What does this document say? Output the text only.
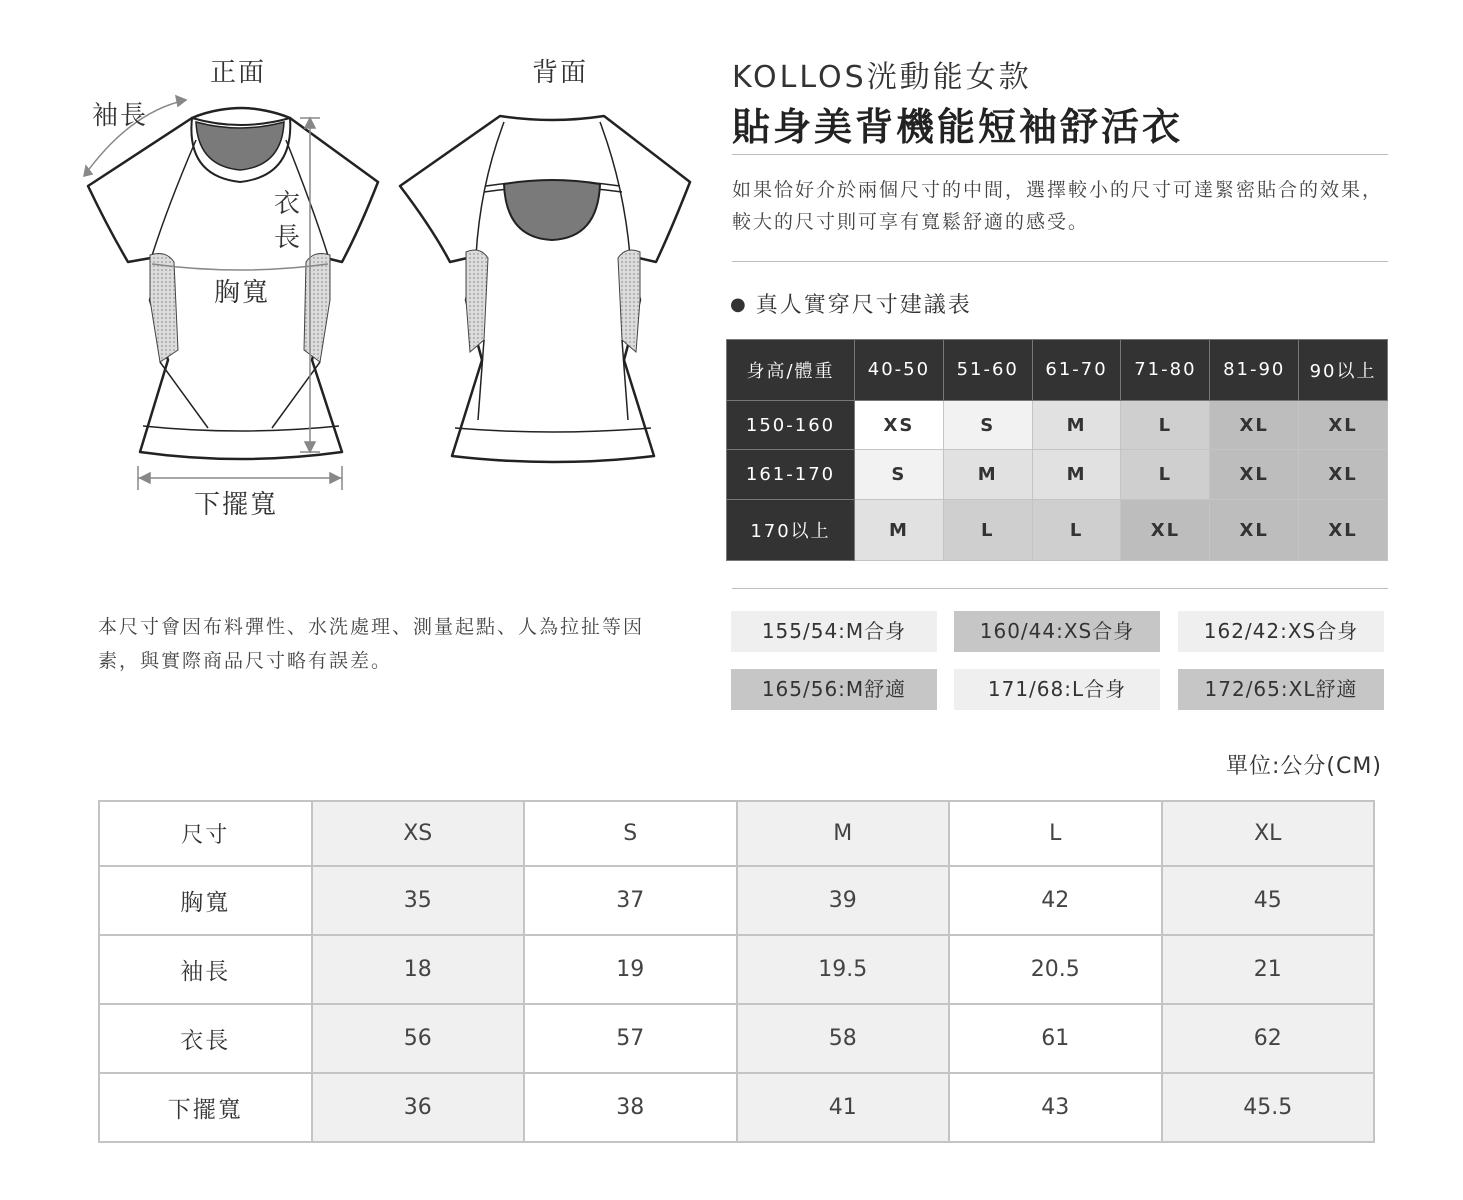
正面	背面
袖長
衣
長
胸寬
下擺寬
KOLLOS洸動能女款
貼身美背機能短袖舒活衣
如果恰好介於兩個尺寸的中間，選擇較小的尺寸可達緊密貼合的效果，較大的尺寸則可享有寬鬆舒適的感受。
● 真人實穿尺寸建議表
身高/體重	40-50	51-60	61-70	71-80	81-90	90以上
150-160	XS	S	M	L	XL	XL
161-170	S	M	M	L	XL	XL
170以上	M	L	L	XL	XL	XL
155/54:M合身	160/44:XS合身	162/42:XS合身
165/56:M舒適	171/68:L合身	172/65:XL舒適
本尺寸會因布料彈性、水洗處理、測量起點、人為拉扯等因素，與實際商品尺寸略有誤差。
單位:公分(CM)
尺寸	XS	S	M	L	XL
胸寬	35	37	39	42	45
袖長	18	19	19.5	20.5	21
衣長	56	57	58	61	62
下擺寬	36	38	41	43	45.5
